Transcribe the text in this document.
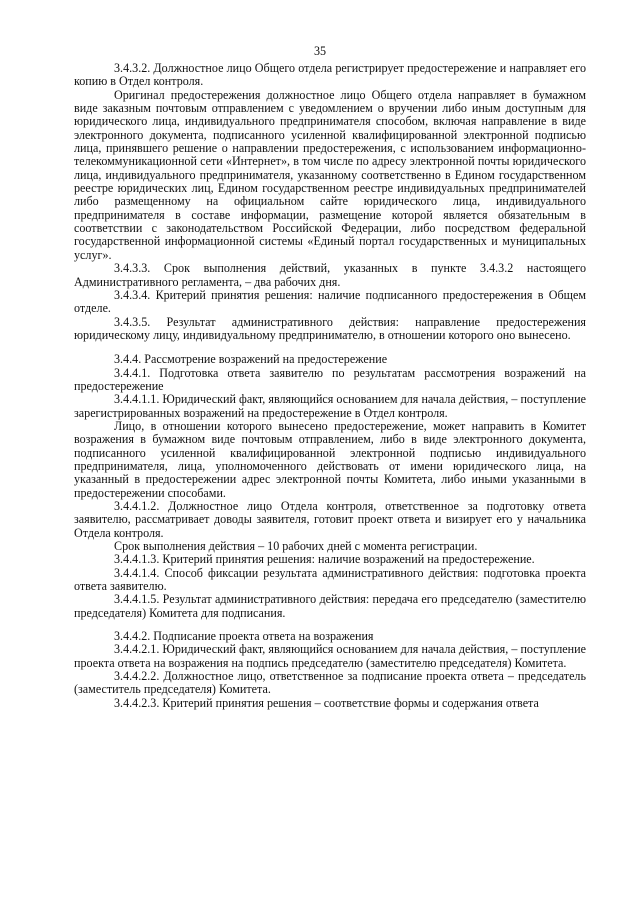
35

3.4.3.2. Должностное лицо Общего отдела регистрирует предостережение и направляет его копию в Отдел контроля.

Оригинал предостережения должностное лицо Общего отдела направляет в бумажном виде заказным почтовым отправлением с уведомлением о вручении либо иным доступным для юридического лица, индивидуального предпринимателя способом, включая направление в виде электронного документа, подписанного усиленной квалифицированной электронной подписью лица, принявшего решение о направлении предостережения, с использованием информационно-телекоммуникационной сети «Интернет», в том числе по адресу электронной почты юридического лица, индивидуального предпринимателя, указанному соответственно в Едином государственном реестре юридических лиц, Едином государственном реестре индивидуальных предпринимателей либо размещенному на официальном сайте юридического лица, индивидуального предпринимателя в составе информации, размещение которой является обязательным в соответствии с законодательством Российской Федерации, либо посредством федеральной государственной информационной системы «Единый портал государственных и муниципальных услуг».

3.4.3.3. Срок выполнения действий, указанных в пункте 3.4.3.2 настоящего Административного регламента, – два рабочих дня.

3.4.3.4. Критерий принятия решения: наличие подписанного предостережения в Общем отделе.

3.4.3.5. Результат административного действия: направление предостережения юридическому лицу, индивидуальному предпринимателю, в отношении которого оно вынесено.

3.4.4. Рассмотрение возражений на предостережение

3.4.4.1. Подготовка ответа заявителю по результатам рассмотрения возражений на предостережение

3.4.4.1.1. Юридический факт, являющийся основанием для начала действия, – поступление зарегистрированных возражений на предостережение в Отдел контроля.

Лицо, в отношении которого вынесено предостережение, может направить в Комитет возражения в бумажном виде почтовым отправлением, либо в виде электронного документа, подписанного усиленной квалифицированной электронной подписью индивидуального предпринимателя, лица, уполномоченного действовать от имени юридического лица, на указанный в предостережении адрес электронной почты Комитета, либо иными указанными в предостережении способами.

3.4.4.1.2. Должностное лицо Отдела контроля, ответственное за подготовку ответа заявителю, рассматривает доводы заявителя, готовит проект ответа и визирует его у начальника Отдела контроля.

Срок выполнения действия – 10 рабочих дней с момента регистрации.

3.4.4.1.3. Критерий принятия решения: наличие возражений на предостережение.

3.4.4.1.4. Способ фиксации результата административного действия: подготовка проекта ответа заявителю.

3.4.4.1.5. Результат административного действия: передача его председателю (заместителю председателя) Комитета для подписания.

3.4.4.2. Подписание проекта ответа на возражения

3.4.4.2.1. Юридический факт, являющийся основанием для начала действия, – поступление проекта ответа на возражения на подпись председателю (заместителю председателя) Комитета.

3.4.4.2.2. Должностное лицо, ответственное за подписание проекта ответа – председатель (заместитель председателя) Комитета.

3.4.4.2.3. Критерий принятия решения – соответствие формы и содержания ответа
